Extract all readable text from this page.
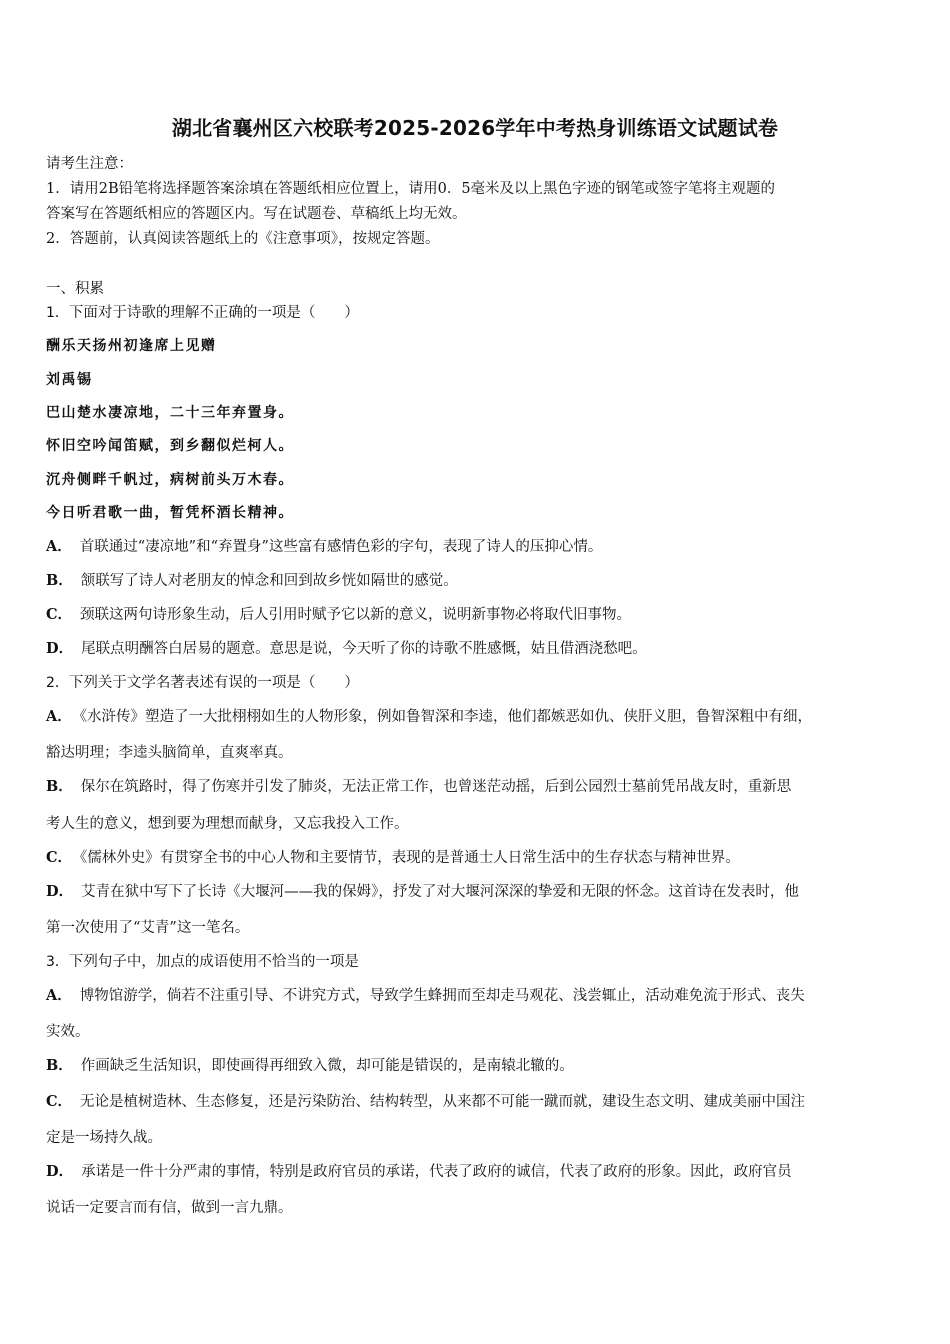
湖北省襄州区六校联考2025-2026学年中考热身训练语文试题试卷
请考生注意：
1．请用2B铅笔将选择题答案涂填在答题纸相应位置上，请用0．5毫米及以上黑色字迹的钢笔或签字笔将主观题的
答案写在答题纸相应的答题区内。写在试题卷、草稿纸上均无效。
2．答题前，认真阅读答题纸上的《注意事项》，按规定答题。
一、积累
1．下面对于诗歌的理解不正确的一项是（　　）
酬乐天扬州初逢席上见赠
刘禹锡
巴山楚水凄凉地，二十三年弃置身。
怀旧空吟闻笛赋，到乡翻似烂柯人。
沉舟侧畔千帆过，病树前头万木春。
今日听君歌一曲，暂凭杯酒长精神。
A． 首联通过“凄凉地”和“弃置身”这些富有感情色彩的字句，表现了诗人的压抑心情。
B． 颔联写了诗人对老朋友的悼念和回到故乡恍如隔世的感觉。
C． 颈联这两句诗形象生动，后人引用时赋予它以新的意义，说明新事物必将取代旧事物。
D． 尾联点明酬答白居易的题意。意思是说，今天听了你的诗歌不胜感慨，姑且借酒浇愁吧。
2．下列关于文学名著表述有误的一项是（　　）
A． 《水浒传》塑造了一大批栩栩如生的人物形象，例如鲁智深和李逵，他们都嫉恶如仇、侠肝义胆，鲁智深粗中有细，
豁达明理；李逵头脑简单，直爽率真。
B． 保尔在筑路时，得了伤寒并引发了肺炎，无法正常工作，也曾迷茫动摇，后到公园烈士墓前凭吊战友时，重新思
考人生的意义，想到要为理想而献身，又忘我投入工作。
C． 《儒林外史》有贯穿全书的中心人物和主要情节，表现的是普通士人日常生活中的生存状态与精神世界。
D． 艾青在狱中写下了长诗《大堰河——我的保姆》，抒发了对大堰河深深的挚爱和无限的怀念。这首诗在发表时，他
第一次使用了“艾青”这一笔名。
3．下列句子中，加点的成语使用不恰当的一项是
A． 博物馆游学，倘若不注重引导、不讲究方式，导致学生蜂拥而至却走马观花、浅尝辄止，活动难免流于形式、丧失
实效。
B． 作画缺乏生活知识，即使画得再细致入微，却可能是错误的，是南辕北辙的。
C． 无论是植树造林、生态修复，还是污染防治、结构转型，从来都不可能一蹴而就，建设生态文明、建成美丽中国注
定是一场持久战。
D． 承诺是一件十分严肃的事情，特别是政府官员的承诺，代表了政府的诚信，代表了政府的形象。因此，政府官员
说话一定要言而有信，做到一言九鼎。
